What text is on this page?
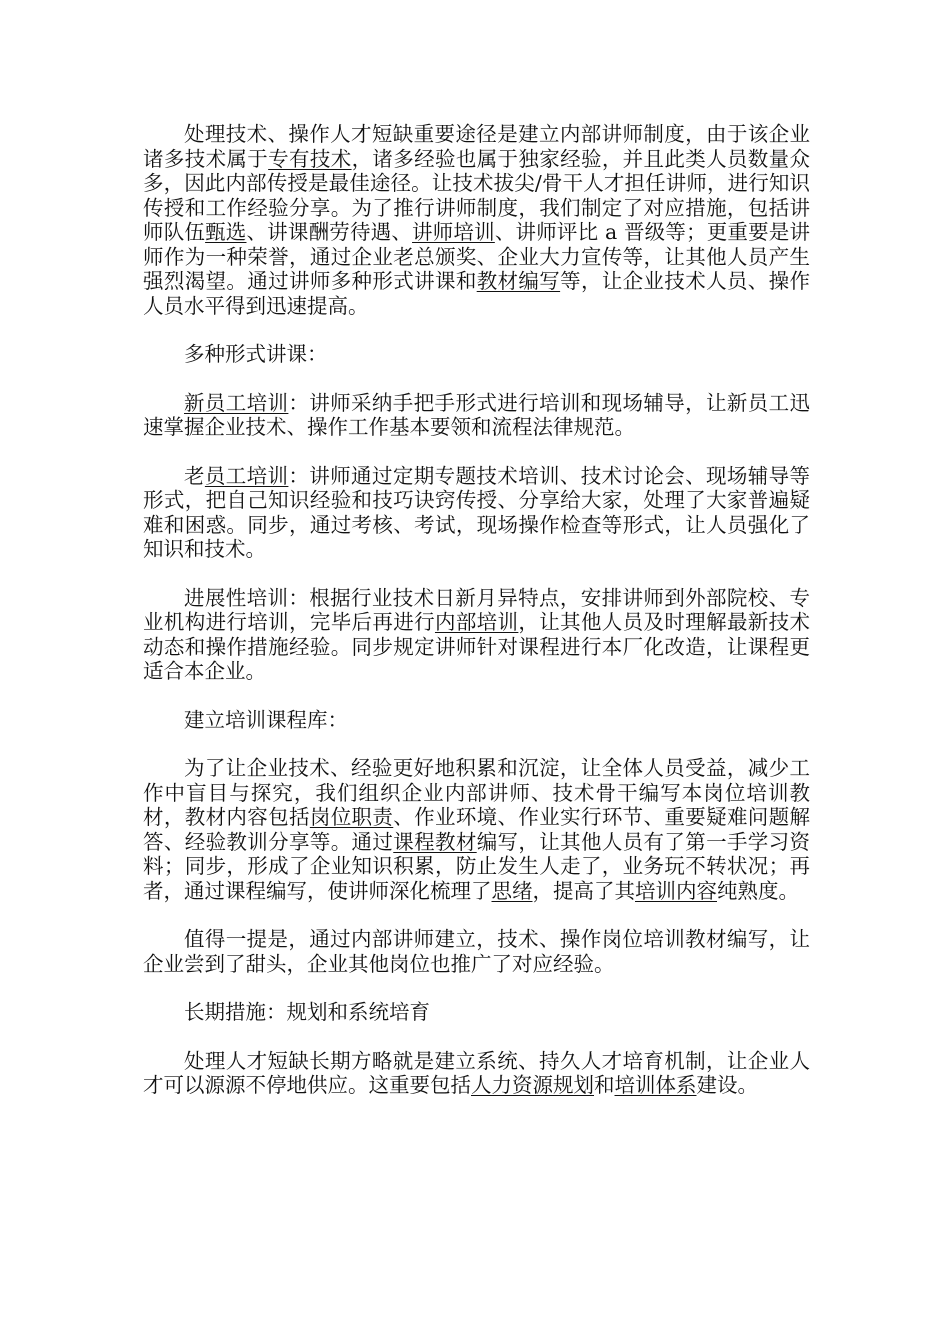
处理技术、操作人才短缺重要途径是建立内部讲师制度，由于该企业诸多技术属于专有技术，诸多经验也属于独家经验，并且此类人员数量众多，因此内部传授是最佳途径。让技术拔尖/骨干人才担任讲师，进行知识传授和工作经验分享。为了推行讲师制度，我们制定了对应措施，包括讲师队伍甄选、讲课酬劳待遇、讲师培训、讲师评比 a 晋级等；更重要是讲师作为一种荣誉，通过企业老总颁奖、企业大力宣传等，让其他人员产生强烈渴望。通过讲师多种形式讲课和教材编写等，让企业技术人员、操作人员水平得到迅速提高。

多种形式讲课：

新员工培训：讲师采纳手把手形式进行培训和现场辅导，让新员工迅速掌握企业技术、操作工作基本要领和流程法律规范。

老员工培训：讲师通过定期专题技术培训、技术讨论会、现场辅导等形式，把自己知识经验和技巧诀窍传授、分享给大家，处理了大家普遍疑难和困惑。同步，通过考核、考试，现场操作检查等形式，让人员强化了知识和技术。

进展性培训：根据行业技术日新月异特点，安排讲师到外部院校、专业机构进行培训，完毕后再进行内部培训，让其他人员及时理解最新技术动态和操作措施经验。同步规定讲师针对课程进行本厂化改造，让课程更适合本企业。

建立培训课程库：

为了让企业技术、经验更好地积累和沉淀，让全体人员受益，减少工作中盲目与探究，我们组织企业内部讲师、技术骨干编写本岗位培训教材，教材内容包括岗位职责、作业环境、作业实行环节、重要疑难问题解答、经验教训分享等。通过课程教材编写，让其他人员有了第一手学习资料；同步，形成了企业知识积累，防止发生人走了，业务玩不转状况；再者，通过课程编写，使讲师深化梳理了思绪，提高了其培训内容纯熟度。

值得一提是，通过内部讲师建立，技术、操作岗位培训教材编写，让企业尝到了甜头，企业其他岗位也推广了对应经验。

长期措施：规划和系统培育

处理人才短缺长期方略就是建立系统、持久人才培育机制，让企业人才可以源源不停地供应。这重要包括人力资源规划和培训体系建设。
